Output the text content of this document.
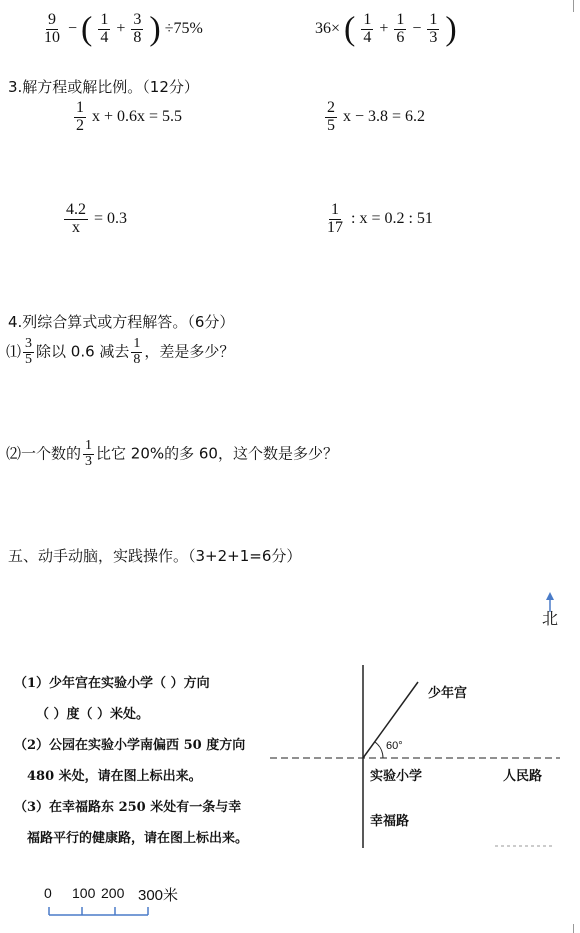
$\frac{9}{10}$ − ( $\frac{1}{4} + \frac{3}{8}$ ) ÷75%	36× ( $\frac{1}{4} + \frac{1}{6} - \frac{1}{3}$ )
3.解方程或解比例。（12分）
$\frac{1}{2}$ x + 0.6x = 5.5	$\frac{2}{5}$ x − 3.8 = 6.2
$\frac{4.2}{x} = 0.3$	$\frac{1}{17}$ : x = 0.2 : 51
4.列综合算式或方程解答。（6分）
⑴ $\frac{3}{5}$ 除以 0.6 减去 $\frac{1}{8}$ ，差是多少？
⑵一个数的 $\frac{1}{3}$ 比它 20%的多 60，这个数是多少？
五、动手动脑，实践操作。（3+2+1=6分）
北
（1）少年宫在实验小学（ ）方向
（ ）度（ ）米处。
（2）公园在实验小学南偏西 50 度方向
480 米处，请在图上标出来。
（3）在幸福路东 250 米处有一条与幸
福路平行的健康路，请在图上标出来。
少年宫
60°
实验小学	人民路
幸福路
0 100 200 300米
